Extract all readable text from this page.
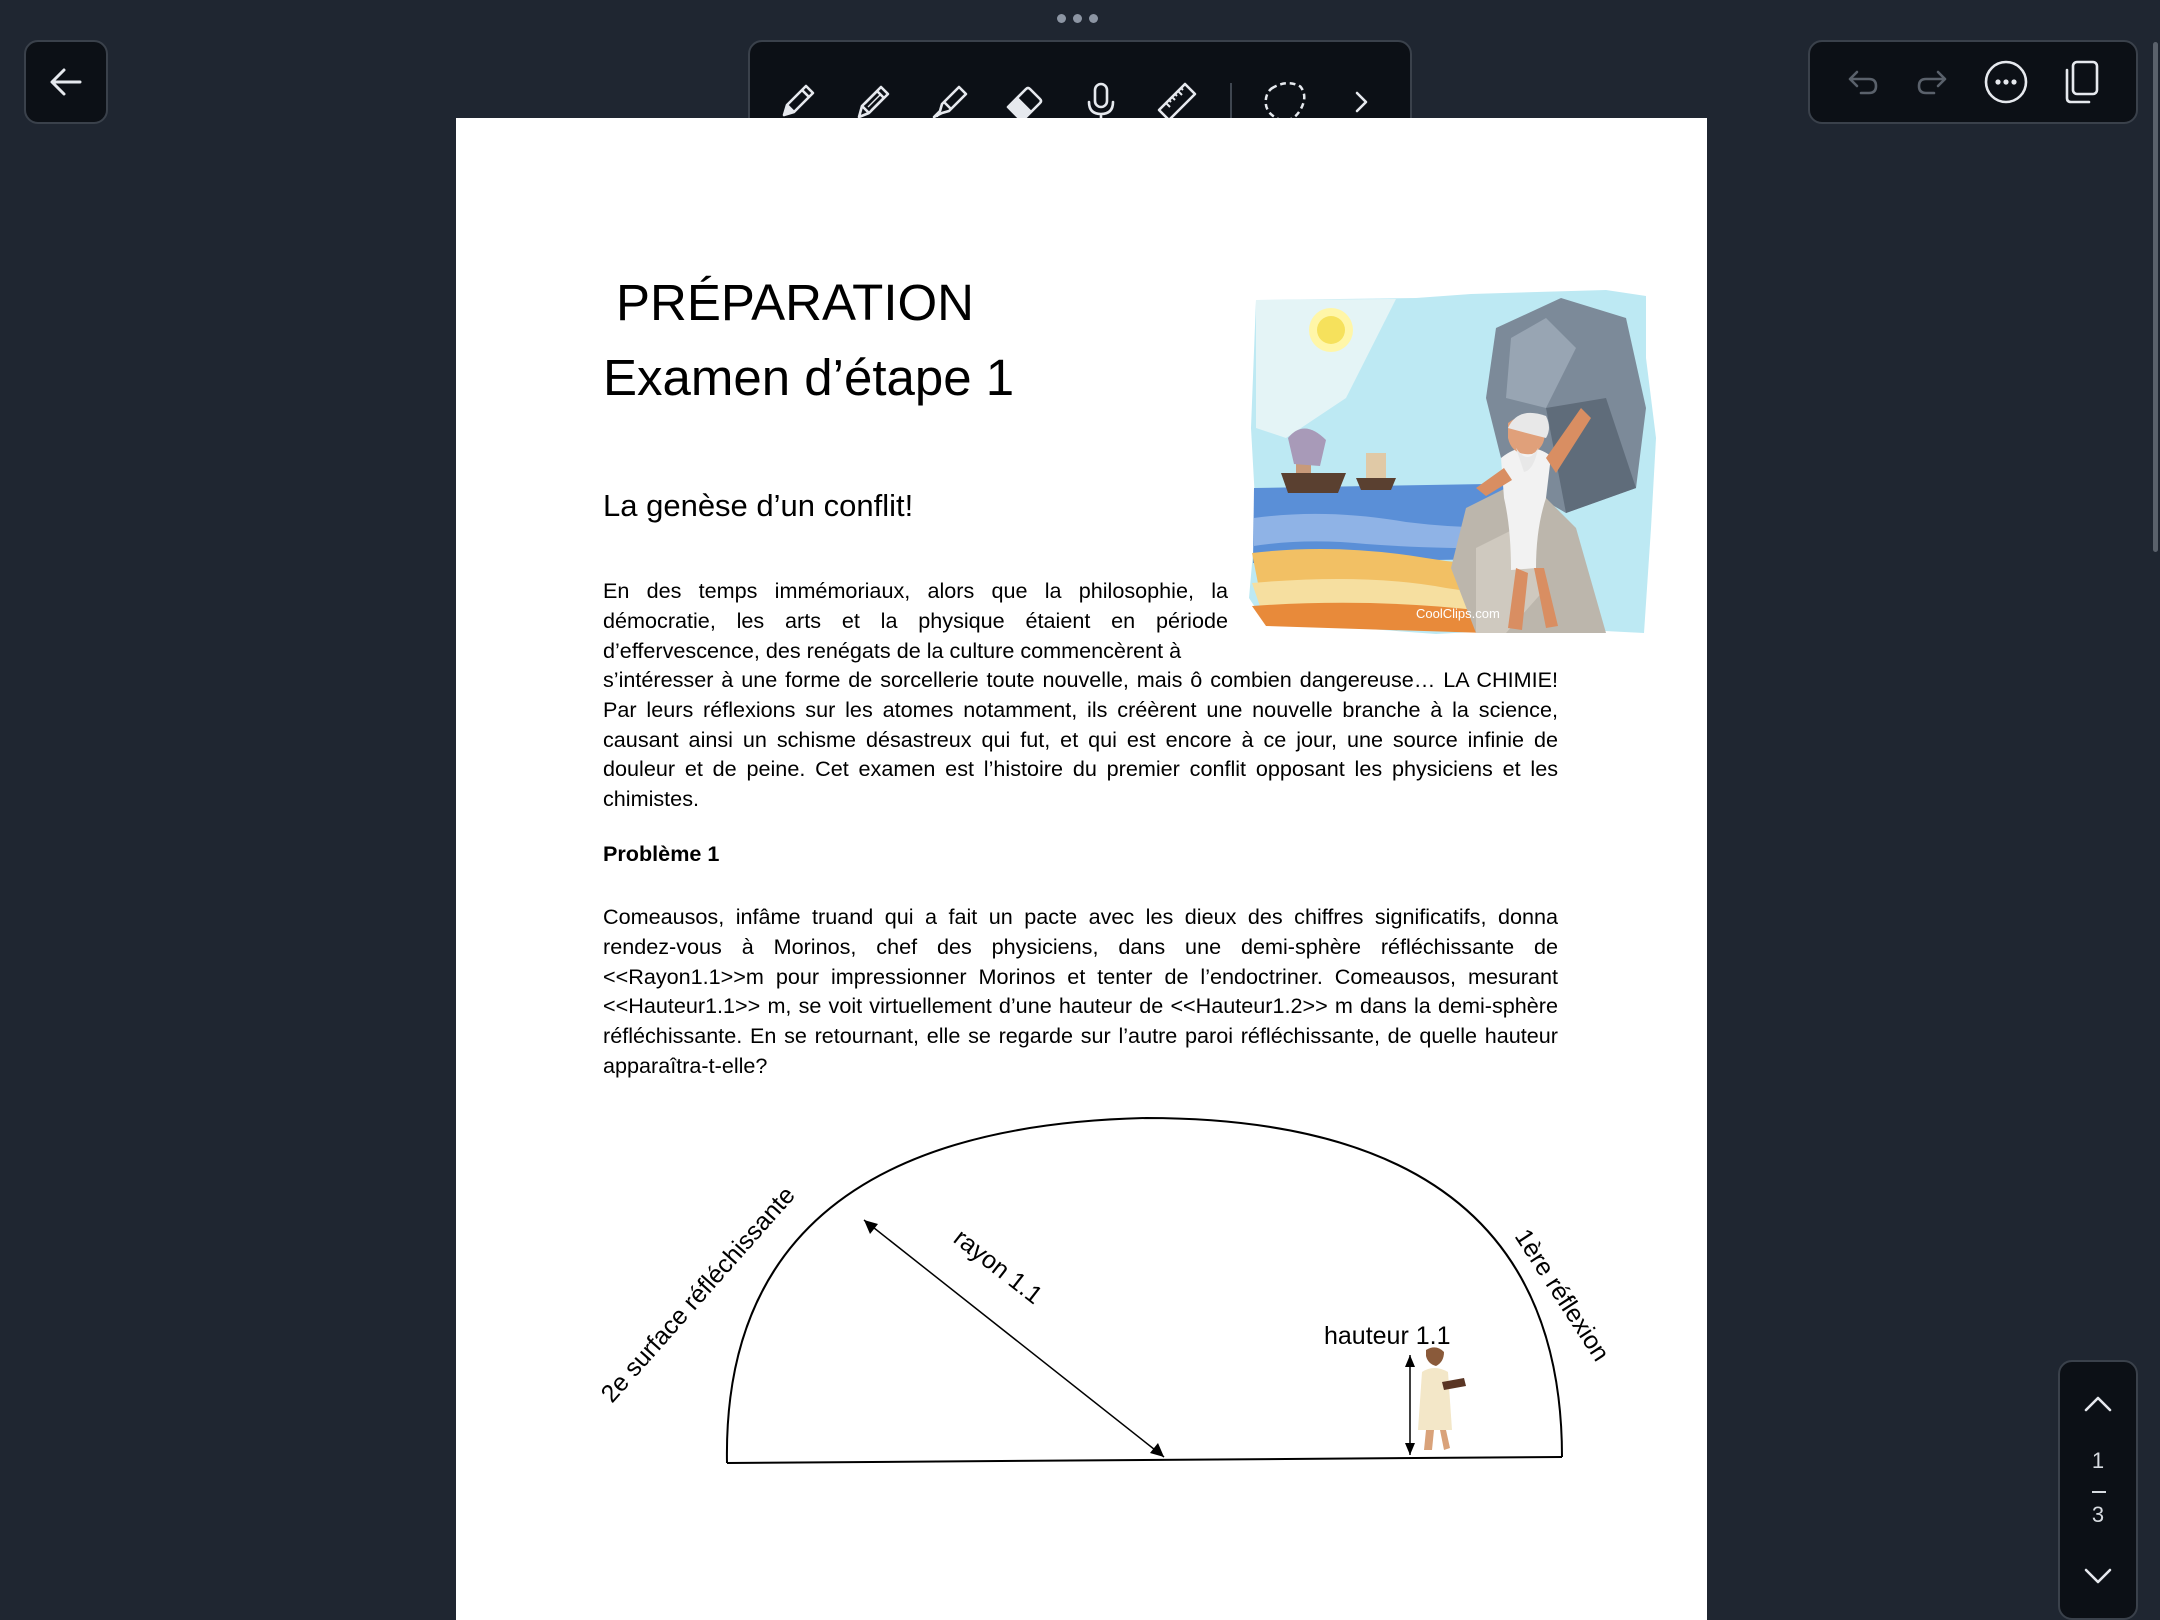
PRÉPARATION
Examen d’étape 1
La genèse d’un conflit!
CoolClips.com

En des temps immémoriaux, alors que la philosophie, la démocratie, les arts et la physique étaient en période d’effervescence, des renégats de la culture commencèrent à

s’intéresser à une forme de sorcellerie toute nouvelle, mais ô combien dangereuse… LA CHIMIE! Par leurs réflexions sur les atomes notamment, ils créèrent une nouvelle branche à la science, causant ainsi un schisme désastreux qui fut, et qui est encore à ce jour, une source infinie de douleur et de peine. Cet examen est l’histoire du premier conflit opposant les physiciens et les chimistes.

Problème 1

Comeausos, infâme truand qui a fait un pacte avec les dieux des chiffres significatifs, donna rendez-vous à Morinos, chef des physiciens, dans une demi-sphère réfléchissante de <<Rayon1.1>>m pour impressionner Morinos et tenter de l’endoctriner. Comeausos, mesurant <<Hauteur1.1>> m, se voit virtuellement d’une hauteur de <<Hauteur1.2>> m dans la demi-sphère réfléchissante. En se retournant, elle se regarde sur l’autre paroi réfléchissante, de quelle hauteur apparaîtra-t-elle?

2e surface réfléchissante	rayon 1.1
hauteur 1.1 1ère réflexion
1
3
